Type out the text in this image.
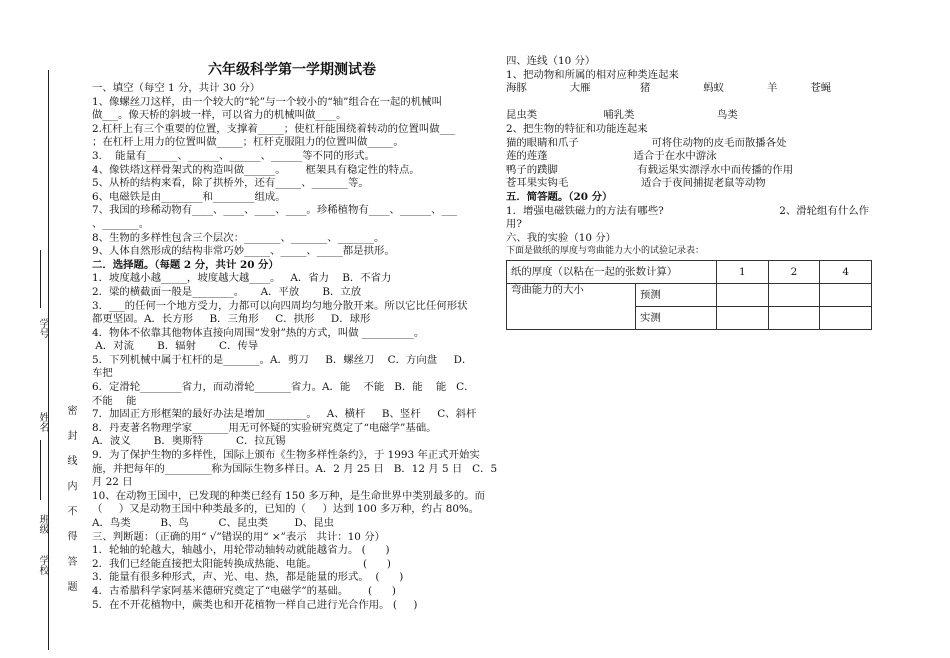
学号
姓名
班级
学校 密 封 线 内 不 得 答 题
六年级科学第一学期测试卷
一、填空（每空 1 分，共计 30 分）
1、像螺丝刀这样，由一个较大的“轮”与一个较小的“轴”组合在一起的机械叫
做___。像天桥的斜坡一样，可以省力的机械叫做____。
2.杠杆上有三个重要的位置，支撑着_____；使杠杆能围绕着转动的位置叫做___
；在杠杆上用力的位置叫做_____；杠杆克服阻力的位置叫做_____。
3.    能量有______、______、______、______等不同的形式。
4、像铁塔这样骨架式的构造叫做______。      框架具有稳定性的特点。
5、从桥的结构来看，除了拱桥外，还有_____、_______等。
6、电磁铁是由________和________组成。
7、我国的珍稀动物有____、____、____、____。珍稀植物有____、______、___
、_______。
8、生物的多样性包含三个层次：_______、_______、_______。
9、人体自然形成的结构非常巧妙_____、_____、_____都是拱形。
二．选择题。（每题 2 分，共计 20 分）
1．坡度越小越_____，坡度越大越____。   A．省力    B．不省力
2．梁的横截面一般是________。     A．平放       B．立放
3．___的任何一个地方受力，力都可以向四周均匀地分散开来。所以它比任何形状
都更坚固。A．长方形     B．三角形     C．拱形     D．球形
4．物体不依靠其他物体直接向周围“发射”热的方式，叫做 __________。
A．对流       B．辐射       C．传导
5．下列机械中属于杠杆的是_______。A．剪刀     B．螺丝刀    C．方向盘     D．
车把
6．定滑轮________省力，而动滑轮_______省力。A．能    不能   B．能    能   C．
不能    能
7．加固正方形框架的最好办法是增加________。   A、横杆     B、竖杆     C、斜杆
8．丹麦著名物理学家_______用无可怀疑的实验研究奠定了“电磁学”基础。
A．波义       B．奥斯特          C．拉瓦锡
9．为了保护生物的多样性，国际上颁布《生物多样性条约》，于 1993 年正式开始实
施，并把每年的_________称为国际生物多样日。A．2 月 25 日   B．12 月 5 日   C．5
月 22 日
10、在动物王国中，已发现的种类已经有 150 多万种，是生命世界中类别最多的。而
（     ）又是动物王国中种类最多的，已知的（     ）达到 100 多万种，约占 80%。
A．鸟类         B、鸟         C、昆虫类        D、昆虫
三、判断题：（正确的用“ √”错误的用“ ×”表示   共计：10 分）
1．轮轴的轮越大，轴越小，用轮带动轴转动就能越省力。 (      )
2．我们已经能直接把太阳能转换成热能、电能。              (      )
3．能量有很多种形式，声、光、电、热，都是能量的形式。  (      )
4．古希腊科学家阿基米德研究奠定了“电磁学”的基础。      (      )
5．在不开花植物中，蕨类也和开花植物一样自己进行光合作用。 (     )
四、连线（10 分）
1、把动物和所属的相对应种类连起来
海豚             大雁               猪                蚂蚁             羊          苍蝇
昆虫类                    哺乳类                         鸟类
2、把生物的特征和功能连起来
猫的眼睛和爪子                      可将住动物的皮毛而散播各处
莲的莲蓬                          适合于在水中游泳
鸭子的蹼脚                        有载运果实漂浮水中而传播的作用
苍耳果实钩毛                      适合于夜间捕捉老鼠等动物
五．简答题。（20 分）
1．增强电磁铁磁力的方法有哪些?                                   2、滑轮组有什么作
用?
六、我的实验（10 分）
下面是做纸的厚度与弯曲能力大小的试验记录表：
纸的厚度（以粘在一起的张数计算）		1	2	4
弯曲能力的大小	预测			
	实测			
